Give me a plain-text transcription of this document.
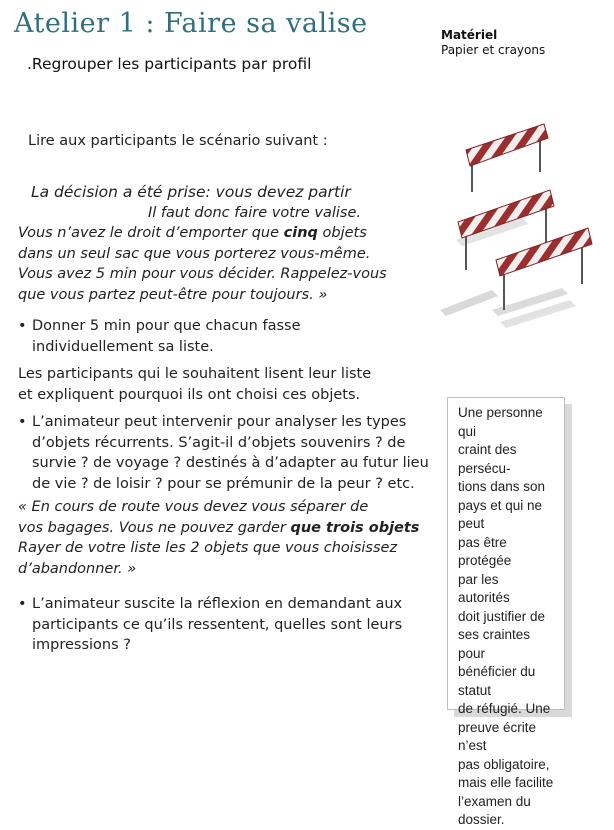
Atelier 1 : Faire sa valise
.Regrouper les participants par profil
Matériel
Papier et crayons
Lire aux participants le scénario suivant :
La décision a été prise: vous devez partir
Il faut donc faire votre valise.
Vous n’avez le droit d’emporter que cinq objets
dans un seul sac que vous porterez vous-même.
Vous avez 5 min pour vous décider. Rappelez-vous
que vous partez peut-être pour toujours. »
• Donner 5 min pour que chacun fasse
individuellement sa liste.
Les participants qui le souhaitent lisent leur liste
et expliquent pourquoi ils ont choisi ces objets.
• L’animateur peut intervenir pour analyser les types
d’objets récurrents. S’agit-il d’objets souvenirs ? de
survie ? de voyage ? destinés à d’adapter au futur lieu
de vie ? de loisir ? pour se prémunir de la peur ? etc.
« En cours de route vous devez vous séparer de
vos bagages. Vous ne pouvez garder que trois objets
Rayer de votre liste les 2 objets que vous choisissez
d’abandonner. »
• L’animateur suscite la réflexion en demandant aux
participants ce qu’ils ressentent, quelles sont leurs
impressions ?
Une personne qui
craint des persécu-
tions dans son
pays et qui ne peut
pas être protégée
par les autorités
doit justifier de
ses craintes pour
bénéficier du statut
de réfugié. Une
preuve écrite n’est
pas obligatoire,
mais elle facilite
l’examen du
dossier.
